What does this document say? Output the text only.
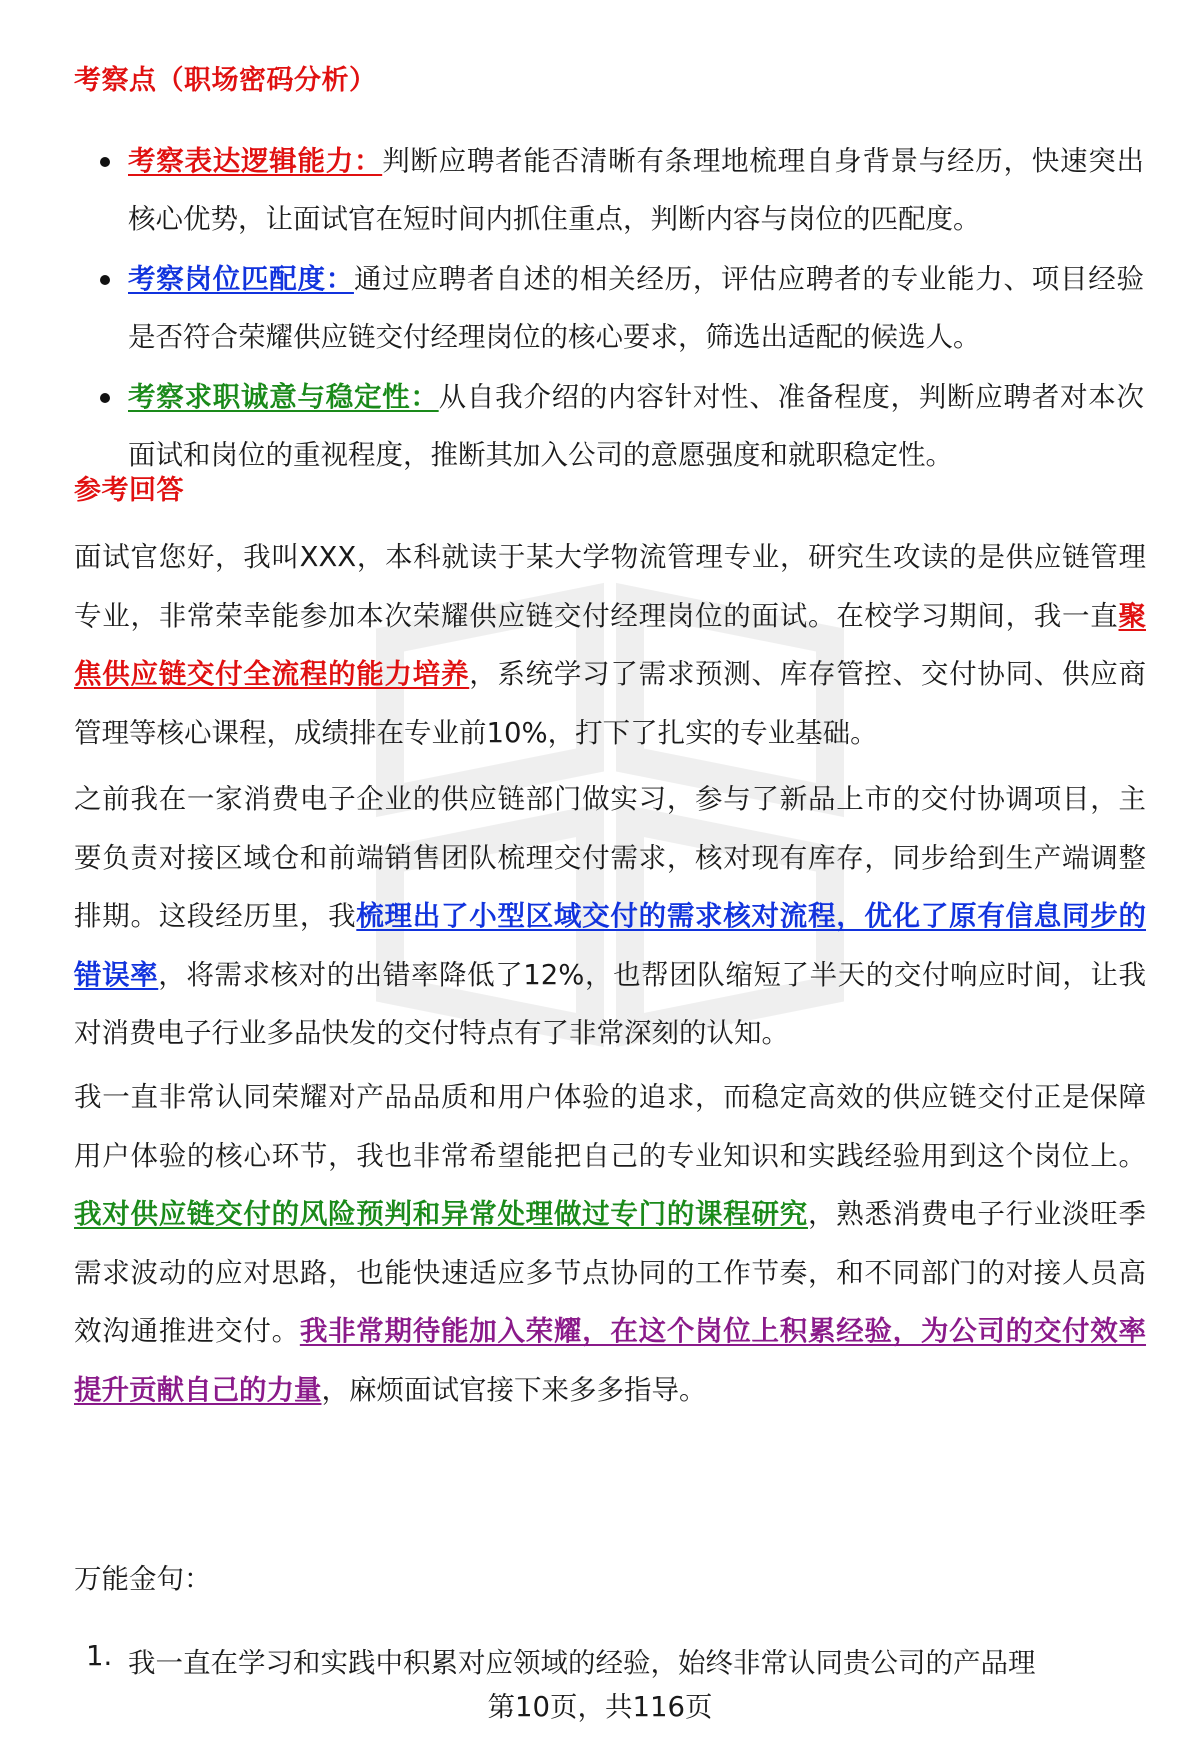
考察点（职场密码分析）
考察表达逻辑能力：判断应聘者能否清晰有条理地梳理自身背景与经历，快速突出核心优势，让面试官在短时间内抓住重点，判断内容与岗位的匹配度。
考察岗位匹配度：通过应聘者自述的相关经历，评估应聘者的专业能力、项目经验是否符合荣耀供应链交付经理岗位的核心要求，筛选出适配的候选人。
考察求职诚意与稳定性：从自我介绍的内容针对性、准备程度，判断应聘者对本次面试和岗位的重视程度，推断其加入公司的意愿强度和就职稳定性。
参考回答

面试官您好，我叫XXX，本科就读于某大学物流管理专业，研究生攻读的是供应链管理专业，非常荣幸能参加本次荣耀供应链交付经理岗位的面试。在校学习期间，我一直聚焦供应链交付全流程的能力培养，系统学习了需求预测、库存管控、交付协同、供应商管理等核心课程，成绩排在专业前10%，打下了扎实的专业基础。

之前我在一家消费电子企业的供应链部门做实习，参与了新品上市的交付协调项目，主要负责对接区域仓和前端销售团队梳理交付需求，核对现有库存，同步给到生产端调整排期。这段经历里，我梳理出了小型区域交付的需求核对流程，优化了原有信息同步的错误率，将需求核对的出错率降低了12%，也帮团队缩短了半天的交付响应时间，让我对消费电子行业多品快发的交付特点有了非常深刻的认知。

我一直非常认同荣耀对产品品质和用户体验的追求，而稳定高效的供应链交付正是保障用户体验的核心环节，我也非常希望能把自己的专业知识和实践经验用到这个岗位上。我对供应链交付的风险预判和异常处理做过专门的课程研究，熟悉消费电子行业淡旺季需求波动的应对思路，也能快速适应多节点协同的工作节奏，和不同部门的对接人员高效沟通推进交付。我非常期待能加入荣耀，在这个岗位上积累经验，为公司的交付效率提升贡献自己的力量，麻烦面试官接下来多多指导。

万能金句：
1. 我一直在学习和实践中积累对应领域的经验，始终非常认同贵公司的产品理
第10页，共116页
